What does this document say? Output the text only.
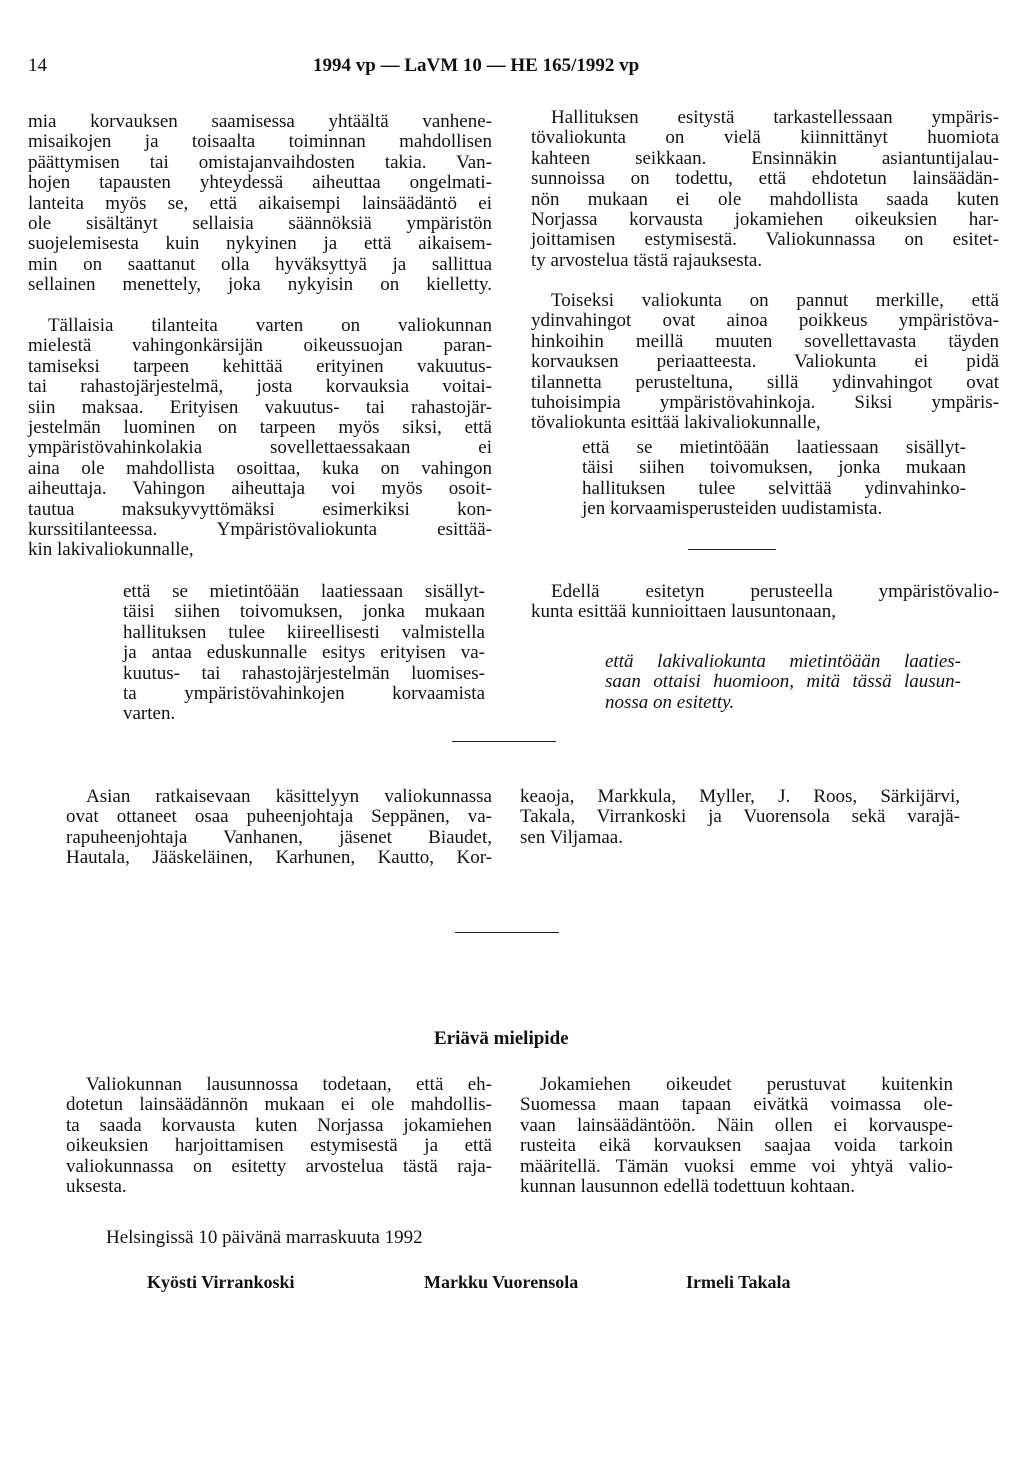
14	1994 vp — LaVM 10 — HE 165/1992 vp
mia korvauksen saamisessa yhtäältä vanhene-
misaikojen ja toisaalta toiminnan mahdollisen
päättymisen tai omistajanvaihdosten takia. Van-
hojen tapausten yhteydessä aiheuttaa ongelmati-
lanteita myös se, että aikaisempi lainsäädäntö ei
ole sisältänyt sellaisia säännöksiä ympäristön
suojelemisesta kuin nykyinen ja että aikaisem-
min on saattanut olla hyväksyttyä ja sallittua
sellainen menettely, joka nykyisin on kielletty.
Tällaisia tilanteita varten on valiokunnan
mielestä vahingonkärsijän oikeussuojan paran-
tamiseksi tarpeen kehittää erityinen vakuutus-
tai rahastojärjestelmä, josta korvauksia voitai-
siin maksaa. Erityisen vakuutus- tai rahastojär-
jestelmän luominen on tarpeen myös siksi, että
ympäristövahinkolakia sovellettaessakaan ei
aina ole mahdollista osoittaa, kuka on vahingon
aiheuttaja. Vahingon aiheuttaja voi myös osoit-
tautua maksukyvyttömäksi esimerkiksi kon-
kurssitilanteessa. Ympäristövaliokunta esittää-
kin lakivaliokunnalle,
että se mietintöään laatiessaan sisällyt-
täisi siihen toivomuksen, jonka mukaan
hallituksen tulee kiireellisesti valmistella
ja antaa eduskunnalle esitys erityisen va-
kuutus- tai rahastojärjestelmän luomises-
ta ympäristövahinkojen korvaamista
varten.
Hallituksen esitystä tarkastellessaan ympäris-
tövaliokunta on vielä kiinnittänyt huomiota
kahteen seikkaan. Ensinnäkin asiantuntijalau-
sunnoissa on todettu, että ehdotetun lainsäädän-
nön mukaan ei ole mahdollista saada kuten
Norjassa korvausta jokamiehen oikeuksien har-
joittamisen estymisestä. Valiokunnassa on esitet-
ty arvostelua tästä rajauksesta.
Toiseksi valiokunta on pannut merkille, että
ydinvahingot ovat ainoa poikkeus ympäristöva-
hinkoihin meillä muuten sovellettavasta täyden
korvauksen periaatteesta. Valiokunta ei pidä
tilannetta perusteltuna, sillä ydinvahingot ovat
tuhoisimpia ympäristövahinkoja. Siksi ympäris-
tövaliokunta esittää lakivaliokunnalle,
että se mietintöään laatiessaan sisällyt-
täisi siihen toivomuksen, jonka mukaan
hallituksen tulee selvittää ydinvahinko-
jen korvaamisperusteiden uudistamista.
Edellä esitetyn perusteella ympäristövalio-
kunta esittää kunnioittaen lausuntonaan,
että lakivaliokunta mietintöään laaties-
saan ottaisi huomioon, mitä tässä lausun-
nossa on esitetty.
Asian ratkaisevaan käsittelyyn valiokunnassa
ovat ottaneet osaa puheenjohtaja Seppänen, va-
rapuheenjohtaja Vanhanen, jäsenet Biaudet,
Hautala, Jääskeläinen, Karhunen, Kautto, Kor-
keaoja, Markkula, Myller, J. Roos, Särkijärvi,
Takala, Virrankoski ja Vuorensola sekä varajä-
sen Viljamaa.
Eriävä mielipide
Valiokunnan lausunnossa todetaan, että eh-
dotetun lainsäädännön mukaan ei ole mahdollis-
ta saada korvausta kuten Norjassa jokamiehen
oikeuksien harjoittamisen estymisestä ja että
valiokunnassa on esitetty arvostelua tästä raja-
uksesta.
Jokamiehen oikeudet perustuvat kuitenkin
Suomessa maan tapaan eivätkä voimassa ole-
vaan lainsäädäntöön. Näin ollen ei korvauspe-
rusteita eikä korvauksen saajaa voida tarkoin
määritellä. Tämän vuoksi emme voi yhtyä valio-
kunnan lausunnon edellä todettuun kohtaan.
Helsingissä 10 päivänä marraskuuta 1992
Kyösti Virrankoski	Markku Vuorensola	Irmeli Takala
